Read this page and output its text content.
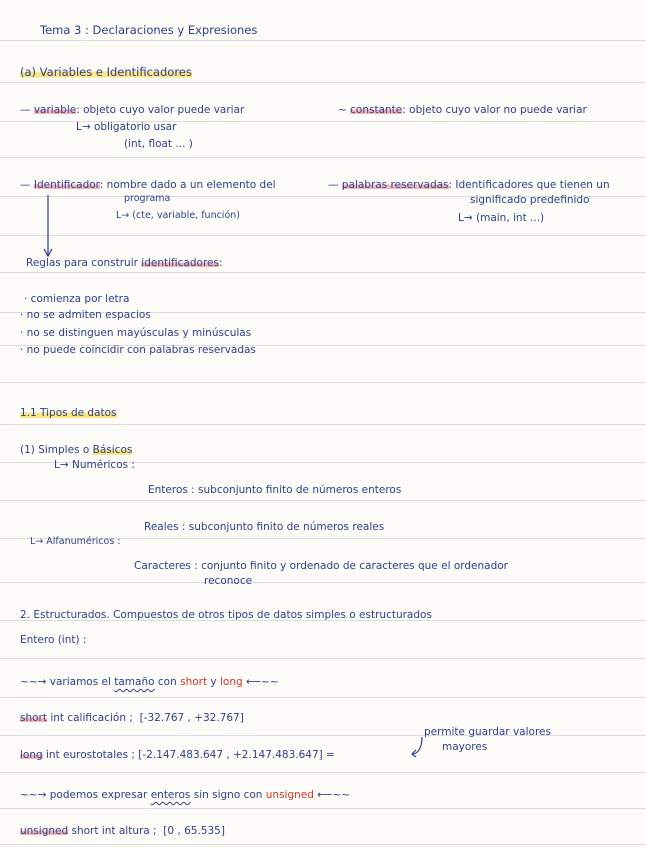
Tema 3 : Declaraciones y Expresiones
(a) Variables e Identificadores
— variable: objeto cuyo valor puede variar
L→ obligatorio usar
(int, float ... )
~ constante: objeto cuyo valor no puede variar
— Identificador: nombre dado a un elemento del
programa
L→ (cte, variable, función)
— palabras reservadas: Identificadores que tienen un
significado predefinido
L→ (main, int ...)
Reglas para construir identificadores:
· comienza por letra
· no se admiten espacios
· no se distinguen mayúsculas y minúsculas
· no puede coincidir con palabras reservadas
1.1 Tipos de datos
(1) Simples o Básicos
L→ Numéricos :
Enteros : subconjunto finito de números enteros
Reales : subconjunto finito de números reales
L→ Alfanuméricos :
Caracteres : conjunto finito y ordenado de caracteres que el ordenador
reconoce
2. Estructurados. Compuestos de otros tipos de datos simples o estructurados
Entero (int) :
~~→ variamos el tamaño con short y long ⟵~~
short int calificación ; [-32.767 , +32.767]
permite guardar valores
long int eurostotales ; [-2.147.483.647 , +2.147.483.647] =
mayores
~~→ podemos expresar enteros sin signo con unsigned ⟵~~
unsigned short int altura ; [0 , 65.535]
